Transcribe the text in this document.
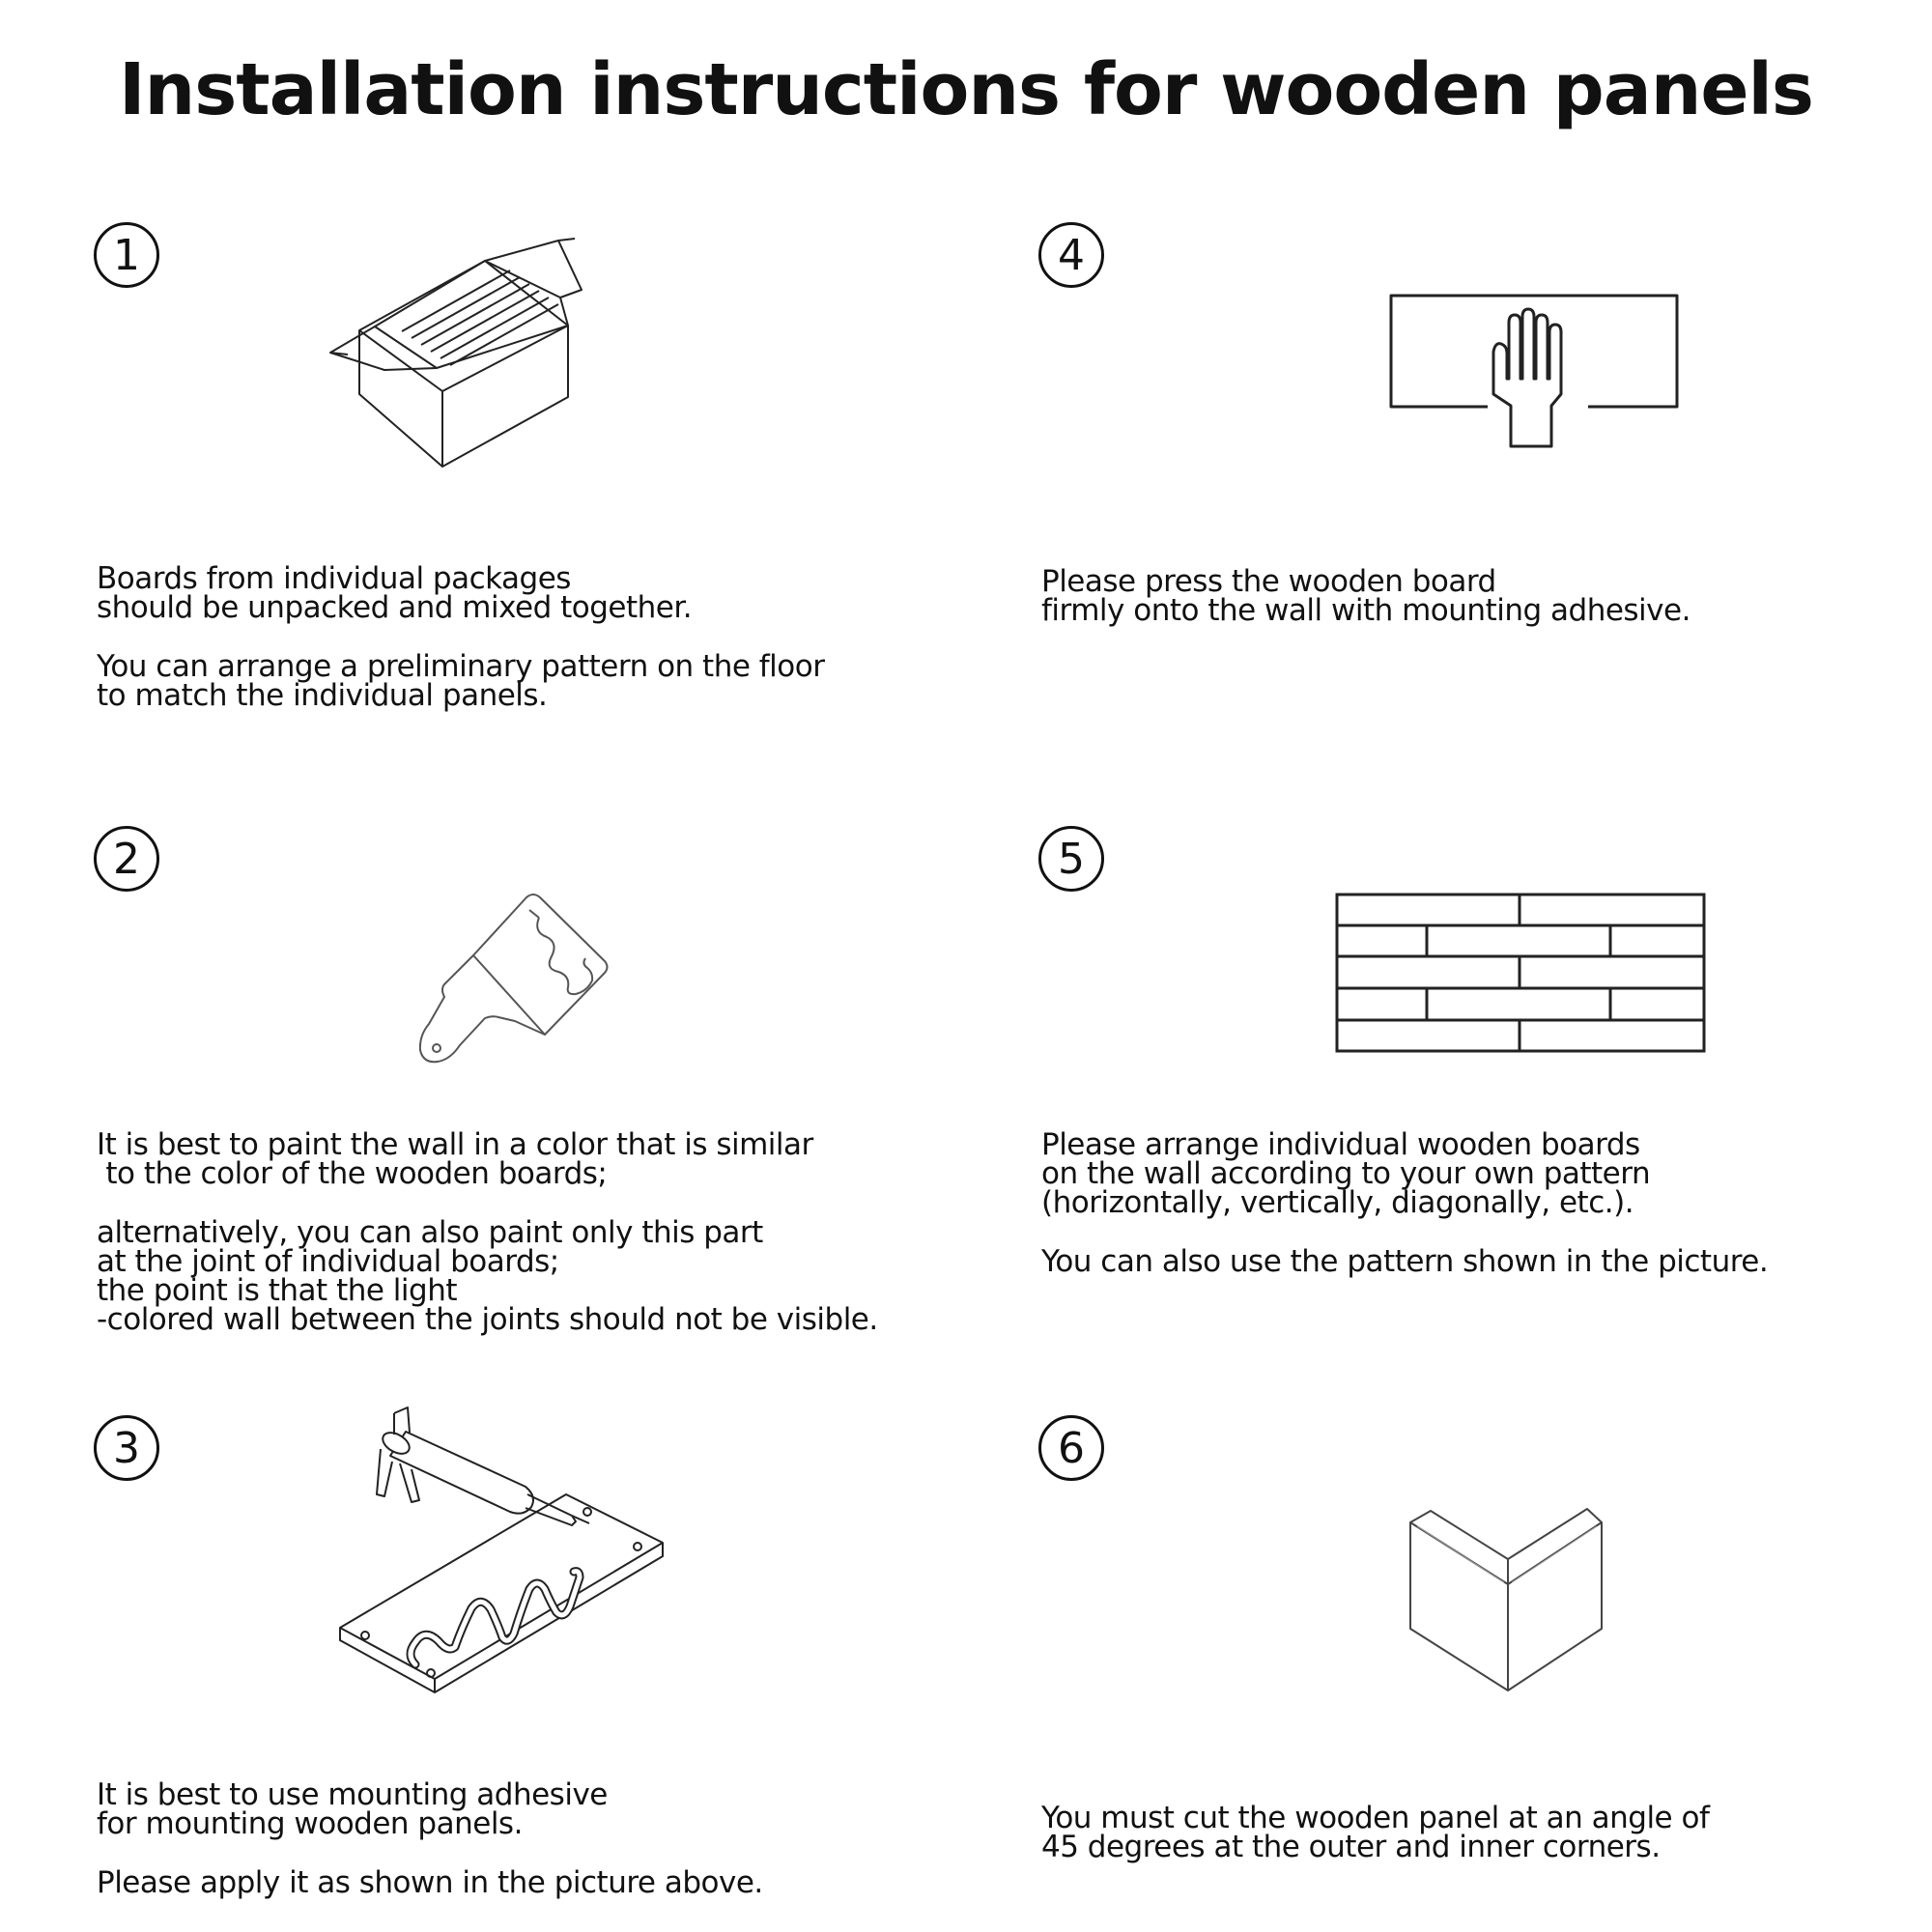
Installation instructions for wooden panels
1

Boards from individual packages
should be unpacked and mixed together.

You can arrange a preliminary pattern on the floor
to match the individual panels.

2

It is best to paint the wall in a color that is similar
to the color of the wooden boards;

alternatively, you can also paint only this part
at the joint of individual boards;
the point is that the light
-colored wall between the joints should not be visible.

3

It is best to use mounting adhesive
for mounting wooden panels.

Please apply it as shown in the picture above.

4

Please press the wooden board
firmly onto the wall with mounting adhesive.

5

Please arrange individual wooden boards
on the wall according to your own pattern
(horizontally, vertically, diagonally, etc.).

You can also use the pattern shown in the picture.

6

You must cut the wooden panel at an angle of
45 degrees at the outer and inner corners.
